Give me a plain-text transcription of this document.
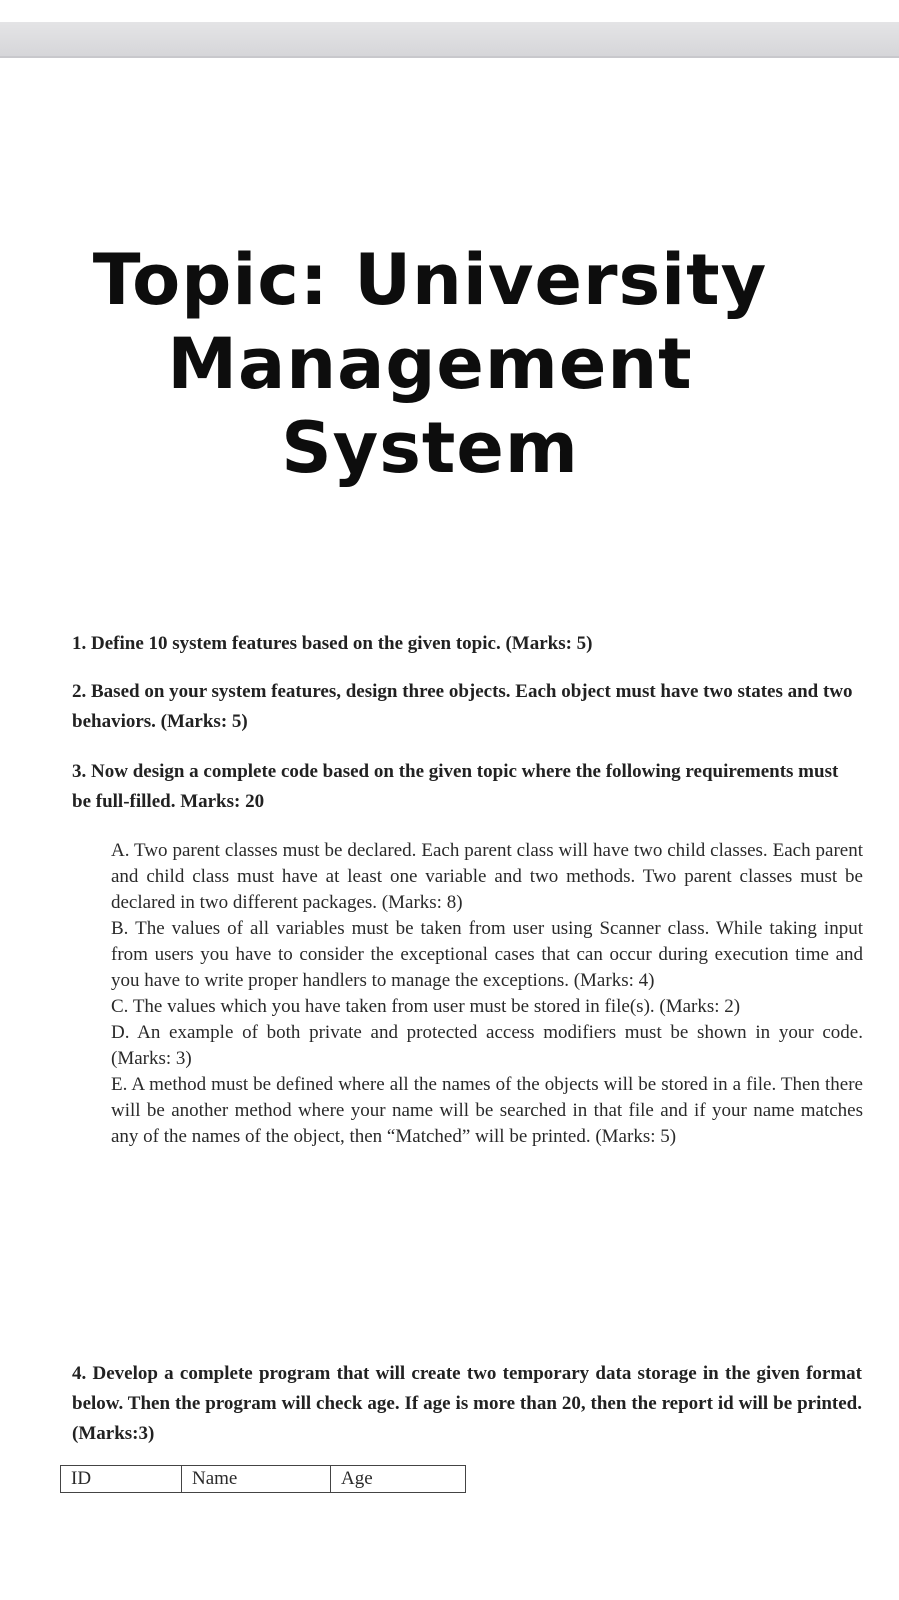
Topic: University
Management
System
1. Define 10 system features based on the given topic. (Marks: 5)
2. Based on your system features, design three objects. Each object must have two states and two behaviors. (Marks: 5)
3. Now design a complete code based on the given topic where the following requirements must be full-filled. Marks: 20

A. Two parent classes must be declared. Each parent class will have two child classes. Each parent and child class must have at least one variable and two methods. Two parent classes must be declared in two different packages. (Marks: 8)

B. The values of all variables must be taken from user using Scanner class. While taking input from users you have to consider the exceptional cases that can occur during execution time and you have to write proper handlers to manage the exceptions. (Marks: 4)

C. The values which you have taken from user must be stored in file(s). (Marks: 2)

D. An example of both private and protected access modifiers must be shown in your code. (Marks: 3)

E. A method must be defined where all the names of the objects will be stored in a file. Then there will be another method where your name will be searched in that file and if your name matches any of the names of the object, then “Matched” will be printed. (Marks: 5)

4. Develop a complete program that will create two temporary data storage in the given format below. Then the program will check age. If age is more than 20, then the report id will be printed. (Marks:3)
ID	Name	Age
